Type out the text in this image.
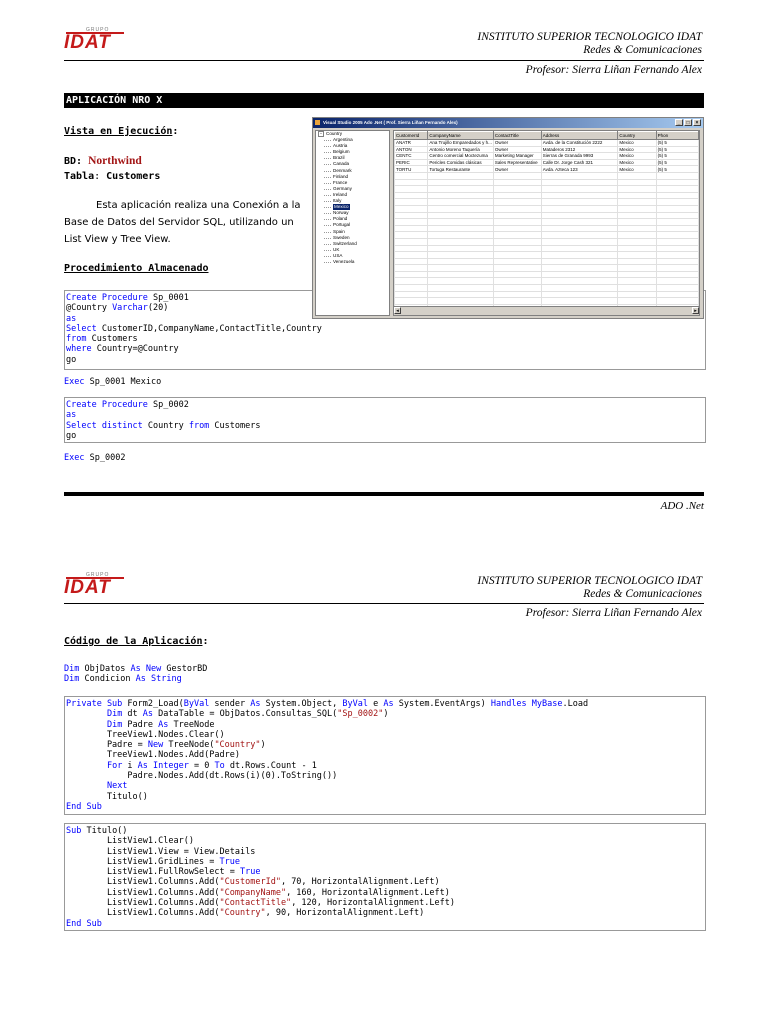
GRUPO
IDAT	INSTITUTO SUPERIOR TECNOLOGICO IDAT
Redes & Comunicaciones
Profesor: Sierra Liñan Fernando Alex
APLICACIÓN NRO X
Vista en Ejecución:
BD: Northwind
Tabla: Customers
Esta aplicación realiza una Conexión a la
Base de Datos del Servidor SQL, utilizando un
List View y Tree View.
Procedimiento Almacenado
Create Procedure Sp_0001
@Country Varchar(20)
as
Select CustomerID,CompanyName,ContactTitle,Country
from Customers
where Country=@Country
go
Exec Sp_0001 Mexico
Create Procedure Sp_0002
as
Select distinct Country from Customers
go
Exec Sp_0002
ADO .Net
Visual Studio 2005 Ado .Net ( Prof. Sierra Liñan Fernando Alex)	_	□	×
− Country
Argentina
Austria
Belgium
Brazil
Canada
Denmark
Finland
France
Germany
Ireland
Italy
Mexico
Norway
Poland
Portugal
Spain
Sweden
Switzerland
UK
USA
Venezuela
CustomerId	CompanyName	ContactTitle	Address	Country	Phon
ANATR	Ana Trujillo Emparedados y h...	Owner	Avda. de la Constitución 2222	Mexico	(5) 5
ANTON	Antonio Moreno Taquería	Owner	Mataderos 2312	Mexico	(5) 5
CENTC	Centro comercial Moctezuma	Marketing Manager	Sierras de Granada 9993	Mexico	(5) 5
PERIC	Pericles Comidas clásicas	Sales Representative	Calle Dr. Jorge Cash 321	Mexico	(5) 5
TORTU	Tortuga Restaurante	Owner	Avda. Azteca 123	Mexico	(5) 5

◂	▸
GRUPO
IDAT	INSTITUTO SUPERIOR TECNOLOGICO IDAT
Redes & Comunicaciones
Profesor: Sierra Liñan Fernando Alex
Código de la Aplicación:
Dim ObjDatos As New GestorBD
Dim Condicion As String
Private Sub Form2_Load(ByVal sender As System.Object, ByVal e As System.EventArgs) Handles MyBase.Load
Dim dt As DataTable = ObjDatos.Consultas_SQL("Sp_0002")
Dim Padre As TreeNode
TreeView1.Nodes.Clear()
Padre = New TreeNode("Country")
TreeView1.Nodes.Add(Padre)
For i As Integer = 0 To dt.Rows.Count - 1
Padre.Nodes.Add(dt.Rows(i)(0).ToString())
Next
Titulo()
End Sub
Sub Titulo()
ListView1.Clear()
ListView1.View = View.Details
ListView1.GridLines = True
ListView1.FullRowSelect = True
ListView1.Columns.Add("CustomerId", 70, HorizontalAlignment.Left)
ListView1.Columns.Add("CompanyName", 160, HorizontalAlignment.Left)
ListView1.Columns.Add("ContactTitle", 120, HorizontalAlignment.Left)
ListView1.Columns.Add("Country", 90, HorizontalAlignment.Left)
End Sub
